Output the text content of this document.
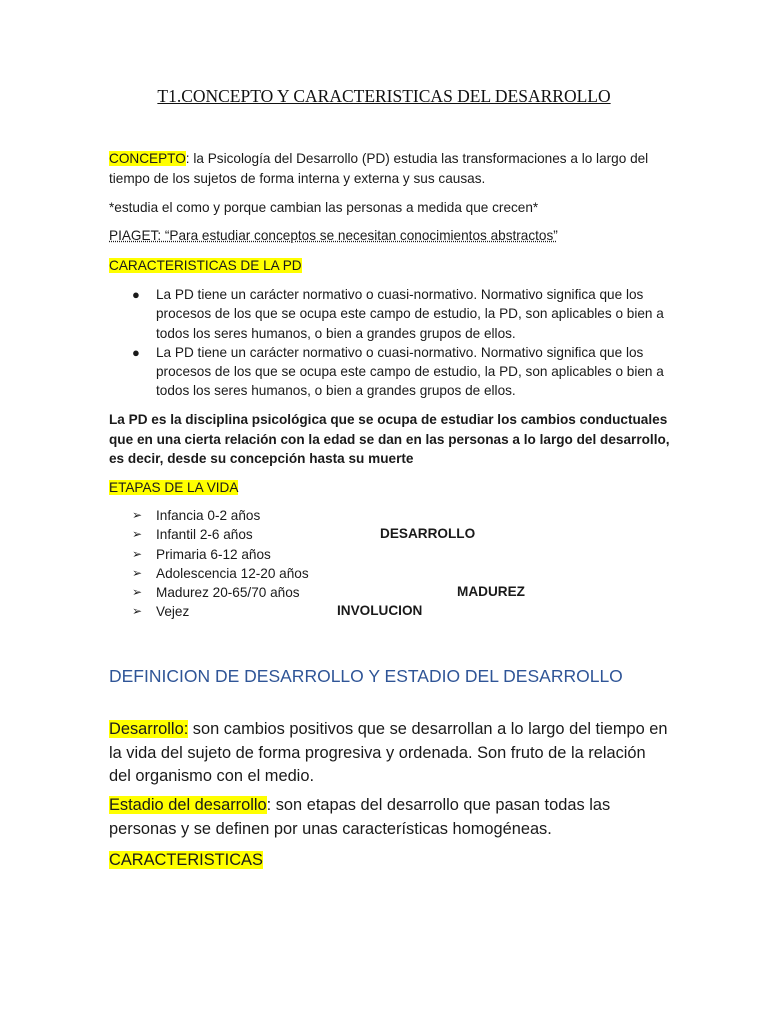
T1.CONCEPTO Y CARACTERISTICAS DEL DESARROLLO
CONCEPTO: la Psicología del Desarrollo (PD) estudia las transformaciones a lo largo del tiempo de los sujetos de forma interna y externa y sus causas.
*estudia el como y porque cambian las personas a medida que crecen*
PIAGET: “Para estudiar conceptos se necesitan conocimientos abstractos”
CARACTERISTICAS DE LA PD
● La PD tiene un carácter normativo o cuasi-normativo. Normativo significa que los procesos de los que se ocupa este campo de estudio, la PD, son aplicables o bien a todos los seres humanos, o bien a grandes grupos de ellos.
● La PD tiene un carácter normativo o cuasi-normativo. Normativo significa que los procesos de los que se ocupa este campo de estudio, la PD, son aplicables o bien a todos los seres humanos, o bien a grandes grupos de ellos.
La PD es la disciplina psicológica que se ocupa de estudiar los cambios conductuales que en una cierta relación con la edad se dan en las personas a lo largo del desarrollo, es decir, desde su concepción hasta su muerte
ETAPAS DE LA VIDA
➢ Infancia 0-2 años
➢ Infantil 2-6 años
➢ Primaria 6-12 años
➢ Adolescencia 12-20 años
➢ Madurez 20-65/70 años
➢ Vejez
DESARROLLO
MADUREZ
INVOLUCION
DEFINICION DE DESARROLLO Y ESTADIO DEL DESARROLLO
Desarrollo: son cambios positivos que se desarrollan a lo largo del tiempo en la vida del sujeto de forma progresiva y ordenada. Son fruto de la relación del organismo con el medio.
Estadio del desarrollo: son etapas del desarrollo que pasan todas las personas y se definen por unas características homogéneas.
CARACTERISTICAS
